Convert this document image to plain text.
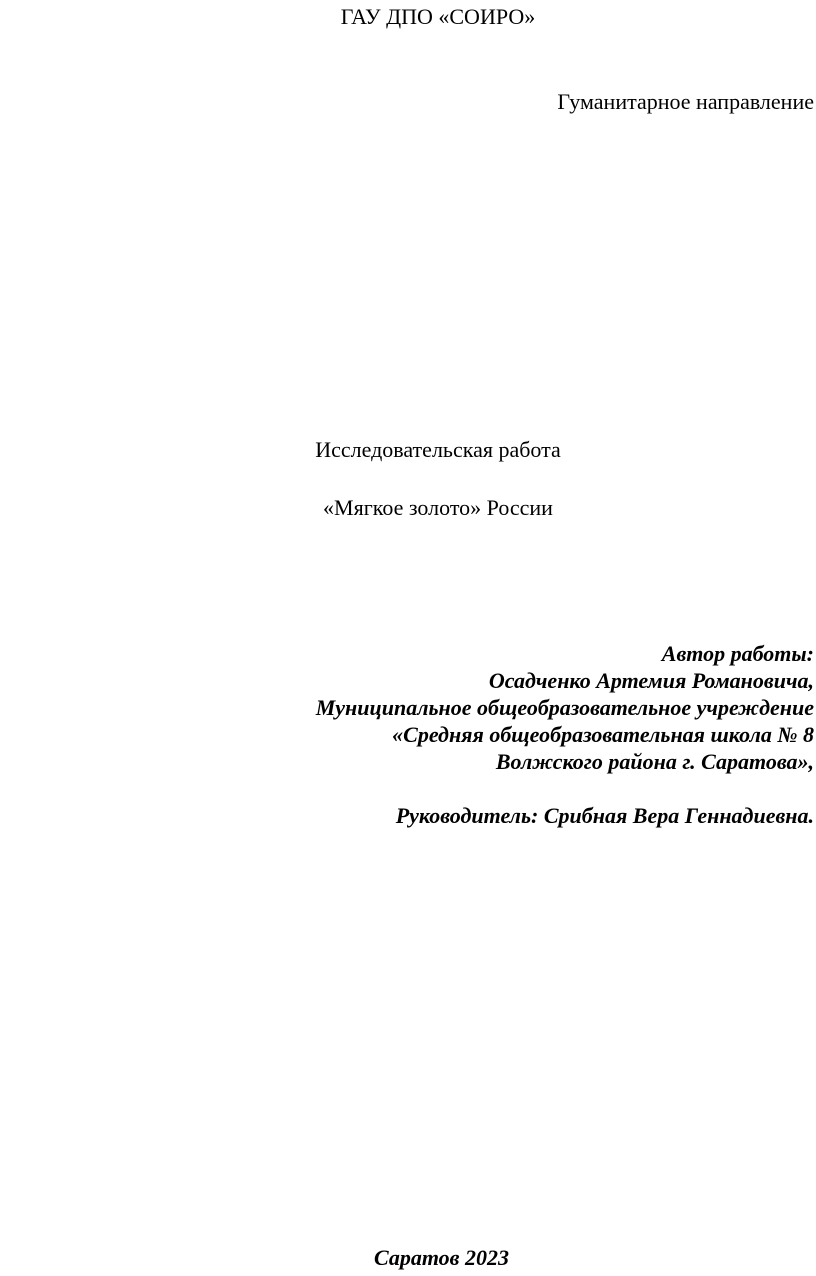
ГАУ ДПО «СОИРО»
Гуманитарное направление
Исследовательская работа
«Мягкое золото» России
Автор работы:
Осадченко Артемия Романовича,
Муниципальное общеобразовательное учреждение
«Средняя общеобразовательная школа № 8
Волжского района г. Саратова»,
Руководитель: Срибная Вера Геннадиевна.
Саратов 2023
